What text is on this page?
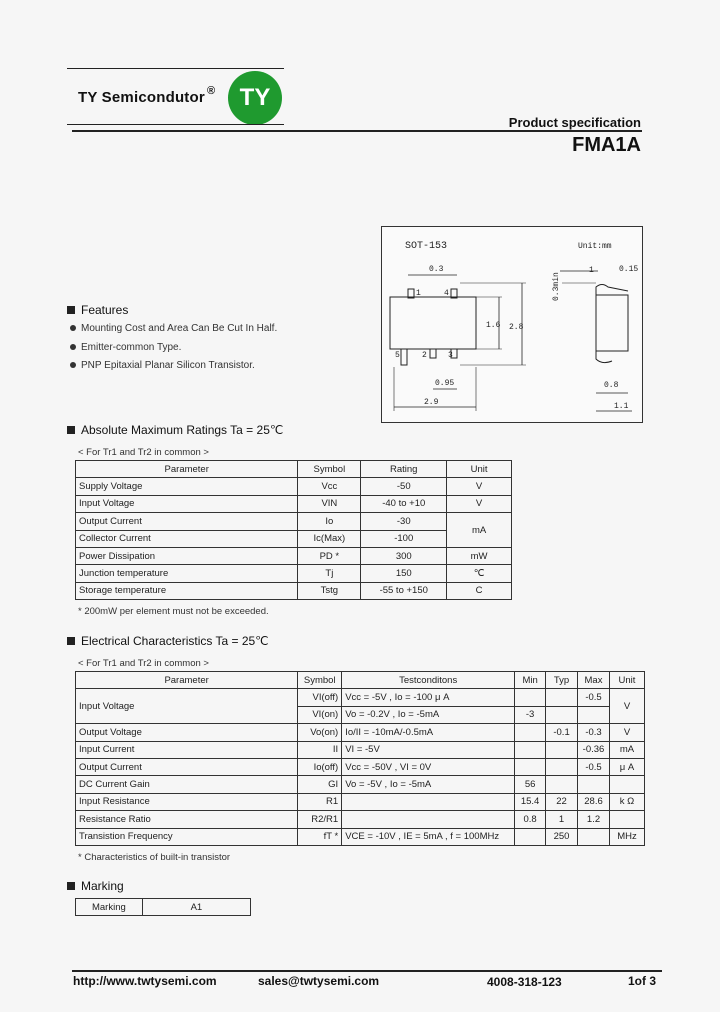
TY Semicondutor ®	TY
Product specification
FMA1A
SOT-153	Unit:mm
1	4
5	2	3
0.3
1.6 2.8
0.95
2.9
0.15
1
0.3min
0.8
1.1
Features
Mounting Cost and Area Can Be Cut In Half.
Emitter-common Type.
PNP Epitaxial Planar Silicon Transistor.
Absolute Maximum Ratings Ta = 25℃
< For Tr1 and Tr2 in common >
Parameter	Symbol	Rating	Unit
Supply Voltage	Vcc	-50	V
Input Voltage	VIN	-40 to +10	V
Output Current	Io	-30	mA
Collector Current	Ic(Max)	-100	
Power Dissipation	PD *	300	mW
Junction temperature	Tj	150	℃
Storage temperature	Tstg	-55 to +150	C
* 200mW per element must not be exceeded.
Electrical Characteristics Ta = 25℃
< For Tr1 and Tr2 in common >
Parameter	Symbol	Testconditons	Min	Typ	Max	Unit
Input Voltage	VI(off)	Vcc = -5V , Io = -100 μ A			-0.5	V
	VI(on)	Vo = -0.2V , Io = -5mA	-3			
Output Voltage	Vo(on)	Io/II = -10mA/-0.5mA		-0.1	-0.3	V
Input Current	II	VI = -5V			-0.36	mA
Output Current	Io(off)	Vcc = -50V , VI = 0V			-0.5	μ A
DC Current Gain	GI	Vo = -5V , Io = -5mA	56			
Input Resistance	R1		15.4	22	28.6	k Ω
Resistance Ratio	R2/R1		0.8	1	1.2	
Transistion Frequency	fT *	VCE = -10V , IE = 5mA , f = 100MHz		250		MHz
* Characteristics of built-in transistor
Marking
Marking	A1
http://www.twtysemi.com	sales@twtysemi.com	4008-318-123	1of 3
